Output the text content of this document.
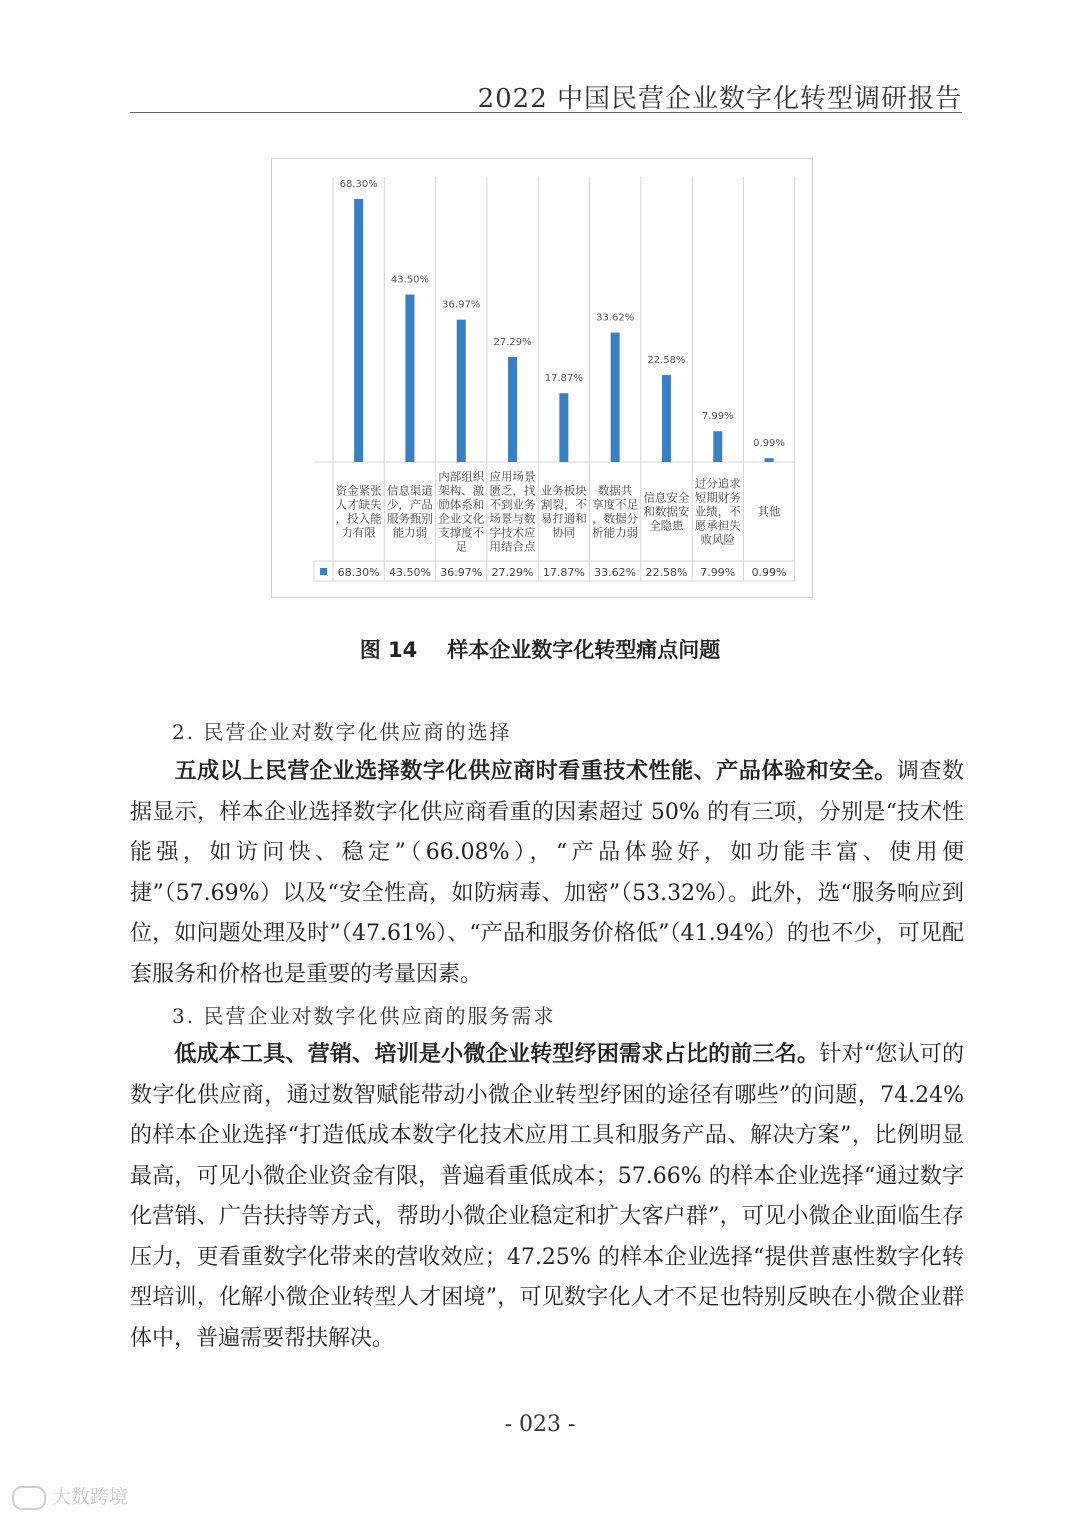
2022 中国民营企业数字化转型调研报告
68.30%
资金紧张人才缺失，投入能力有限
68.30%
43.50%
信息渠道少，产品服务甄别能力弱
43.50%
36.97%
内部组织架构、激励体系和企业文化支撑度不足
36.97%
27.29%
应用场景匮乏，找不到业务场景与数字技术应用结合点
27.29%
17.87%
业务板块割裂，不易打通和协同
17.87%
33.62%
数据共享度不足，数据分析能力弱
33.62%
22.58%
信息安全和数据安全隐患
22.58%
7.99%
过分追求短期财务业绩，不愿承担失败风险
7.99%
0.99%
其他
0.99%
图 14 样本企业数字化转型痛点问题
2. 民营企业对数字化供应商的选择
五成以上民营企业选择数字化供应商时看重技术性能、产品体验和安全。调查数据显示，样本企业选择数字化供应商看重的因素超过 50% 的有三项，分别是“技术性能强，如访问快、稳定”（66.08%），“产品体验好，如功能丰富、使用便捷”（57.69%）以及“安全性高，如防病毒、加密”（53.32%）。此外，选“服务响应到位，如问题处理及时”（47.61%）、“产品和服务价格低”（41.94%）的也不少，可见配套服务和价格也是重要的考量因素。
3. 民营企业对数字化供应商的服务需求
低成本工具、营销、培训是小微企业转型纾困需求占比的前三名。针对“您认可的数字化供应商，通过数智赋能带动小微企业转型纾困的途径有哪些”的问题，74.24% 的样本企业选择“打造低成本数字化技术应用工具和服务产品、解决方案”，比例明显最高，可见小微企业资金有限，普遍看重低成本；57.66% 的样本企业选择“通过数字化营销、广告扶持等方式，帮助小微企业稳定和扩大客户群”，可见小微企业面临生存压力，更看重数字化带来的营收效应；47.25% 的样本企业选择“提供普惠性数字化转型培训，化解小微企业转型人才困境”，可见数字化人才不足也特别反映在小微企业群体中，普遍需要帮扶解决。
- 023 -
大数跨境
